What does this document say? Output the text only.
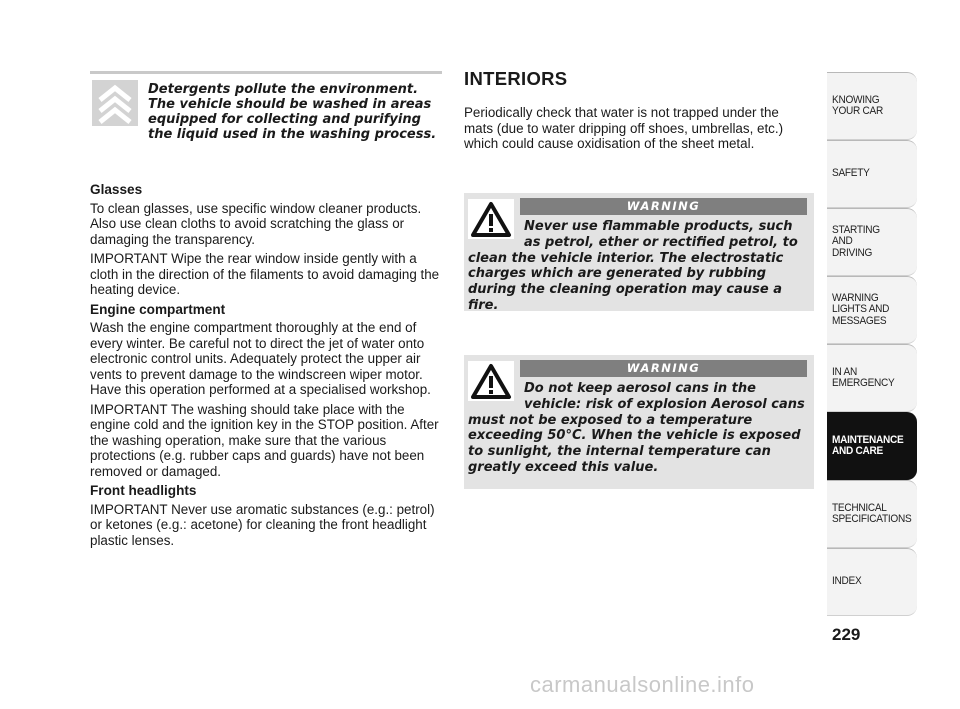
Detergents pollute the environment. The vehicle should be washed in areas equipped for collecting and purifying the liquid used in the washing process.
Glasses

To clean glasses, use specific window cleaner products. Also use clean cloths to avoid scratching the glass or damaging the transparency.

IMPORTANT Wipe the rear window inside gently with a cloth in the direction of the filaments to avoid damaging the heating device.

Engine compartment

Wash the engine compartment thoroughly at the end of every winter. Be careful not to direct the jet of water onto electronic control units. Adequately protect the upper air vents to prevent damage to the windscreen wiper motor. Have this operation performed at a specialised workshop.

IMPORTANT The washing should take place with the engine cold and the ignition key in the STOP position. After the washing operation, make sure that the various protections (e.g. rubber caps and guards) have not been removed or damaged.

Front headlights

IMPORTANT Never use aromatic substances (e.g.: petrol) or ketones (e.g.: acetone) for cleaning the front headlight plastic lenses.

INTERIORS
Periodically check that water is not trapped under the mats (due to water dripping off shoes, umbrellas, etc.) which could cause oxidisation of the sheet metal.
WARNING
Never use flammable products, such as petrol, ether or rectified petrol, to clean the vehicle interior. The electrostatic charges which are generated by rubbing during the cleaning operation may cause a fire.
WARNING
Do not keep aerosol cans in the vehicle: risk of explosion Aerosol cans must not be exposed to a temperature exceeding 50°C. When the vehicle is exposed to sunlight, the internal temperature can greatly exceed this value.
KNOWING
YOUR CAR
SAFETY
STARTING
AND
DRIVING
WARNING
LIGHTS AND
MESSAGES
IN AN
EMERGENCY
MAINTENANCE
AND CARE
TECHNICAL
SPECIFICATIONS
INDEX
229
carmanualsonline.info
